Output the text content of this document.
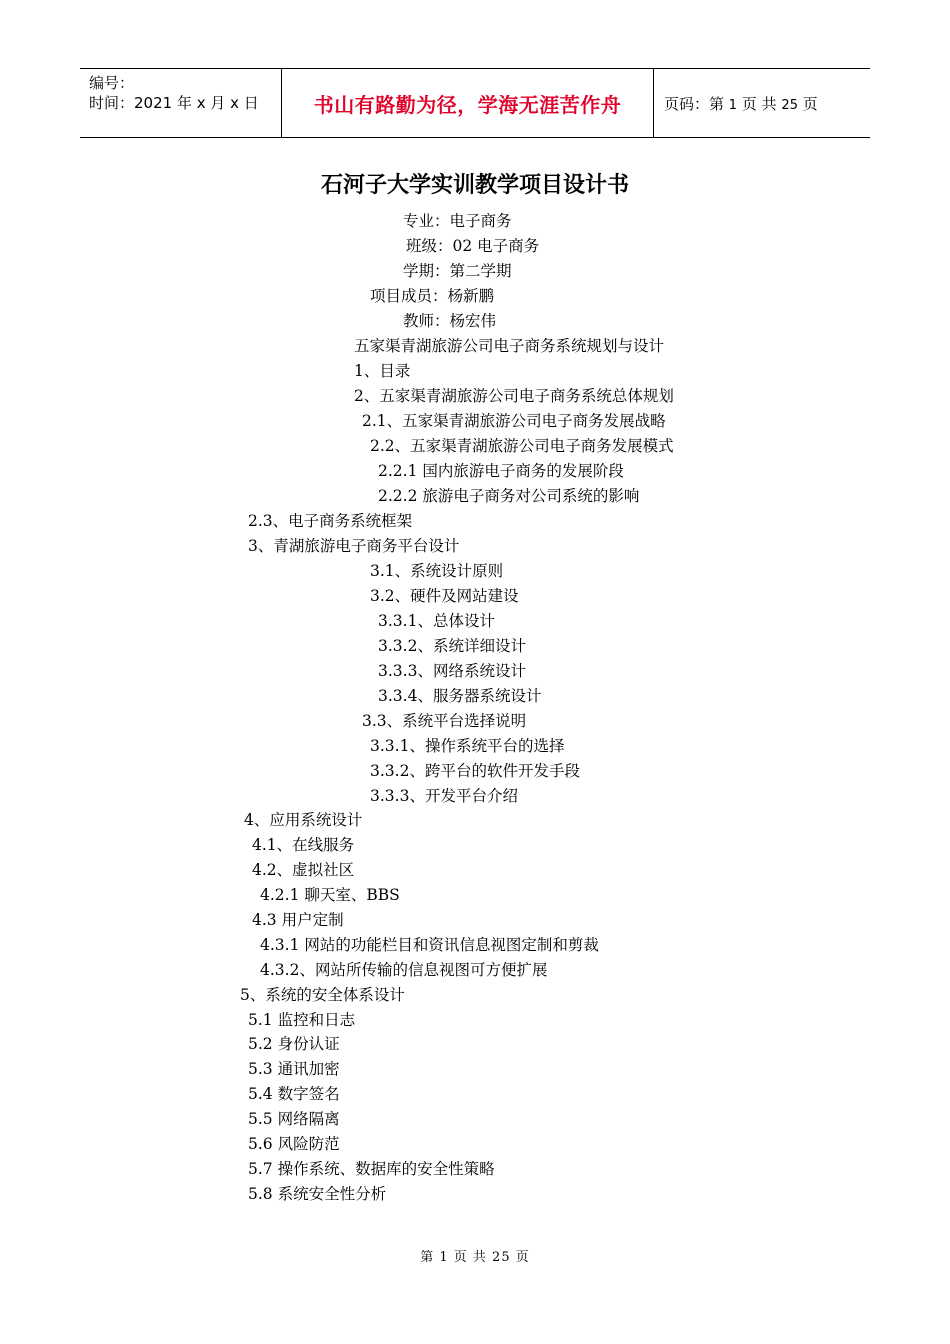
编号：
时间：2021 年 x 月 x 日	书山有路勤为径，学海无涯苦作舟	页码：第 1 页 共 25 页
石河子大学实训教学项目设计书
专业：电子商务
班级：02 电子商务
学期：第二学期
项目成员：杨新鹏
教师：杨宏伟
五家渠青湖旅游公司电子商务系统规划与设计
1、目录
2、五家渠青湖旅游公司电子商务系统总体规划
2.1、五家渠青湖旅游公司电子商务发展战略
2.2、五家渠青湖旅游公司电子商务发展模式
2.2.1 国内旅游电子商务的发展阶段
2.2.2 旅游电子商务对公司系统的影响
2.3、电子商务系统框架
3、青湖旅游电子商务平台设计
3.1、系统设计原则
3.2、硬件及网站建设
3.3.1、总体设计
3.3.2、系统详细设计
3.3.3、网络系统设计
3.3.4、服务器系统设计
3.3、系统平台选择说明
3.3.1、操作系统平台的选择
3.3.2、跨平台的软件开发手段
3.3.3、开发平台介绍
4、应用系统设计
4.1、在线服务
4.2、虚拟社区
4.2.1 聊天室、BBS
4.3 用户定制
4.3.1 网站的功能栏目和资讯信息视图定制和剪裁
4.3.2、网站所传输的信息视图可方便扩展
5、系统的安全体系设计
5.1 监控和日志
5.2 身份认证
5.3 通讯加密
5.4 数字签名
5.5 网络隔离
5.6 风险防范
5.7 操作系统、数据库的安全性策略
5.8 系统安全性分析
第 1 页 共 25 页
